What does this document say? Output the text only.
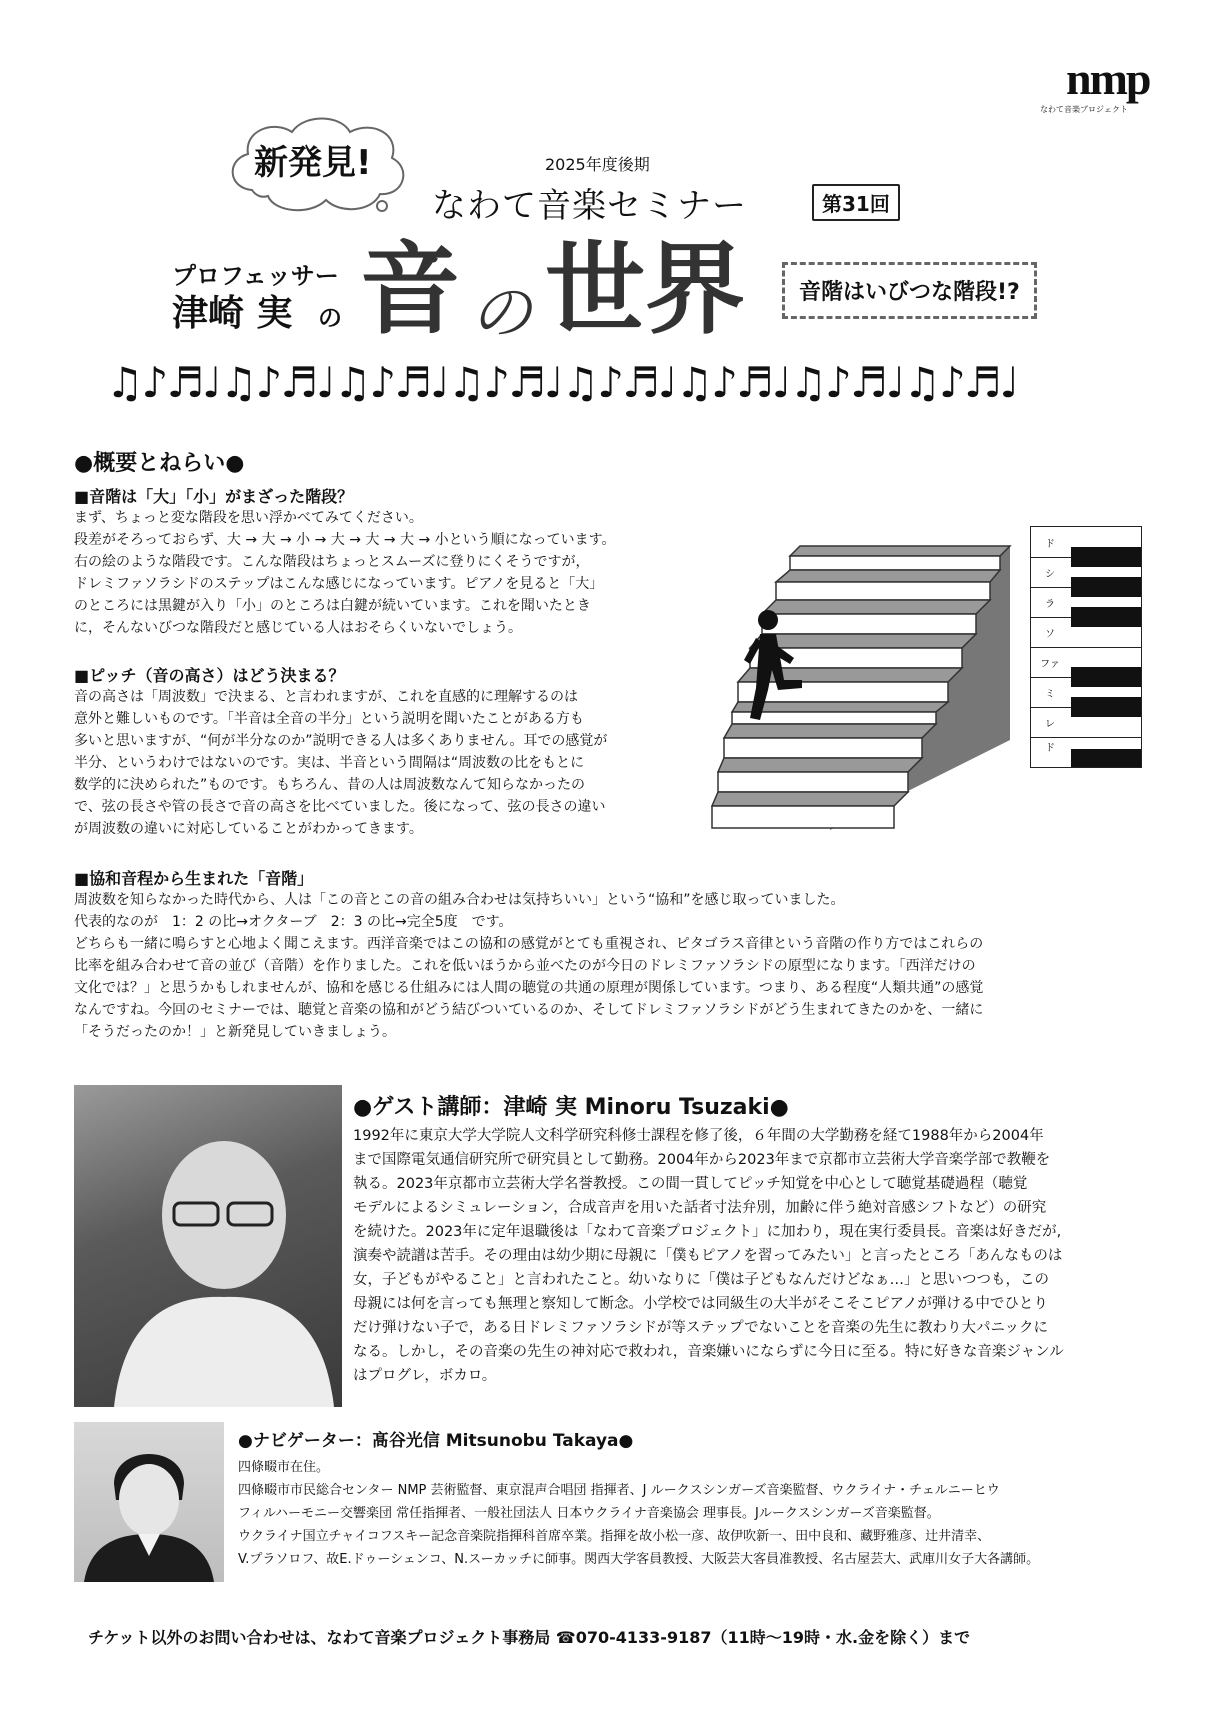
nmp
なわて音楽プロジェクト
新発見!	2025年度後期
なわて音楽セミナー	第31回
プロフェッサー
津崎 実 の 音 の 世界	音階はいびつな階段!?
♫♪♬♩♫♪♬♩♫♪♬♩♫♪♬♩♫♪♬♩♫♪♬♩♫♪♬♩♫♪♬♩
●概要とねらい●
■音階は「大」「小」がまざった階段？

まず、ちょっと変な階段を思い浮かべてみてください。

段差がそろっておらず、大 → 大 → 小 → 大 → 大 → 大 → 小という順になっています。

右の絵のような階段です。こんな階段はちょっとスムーズに登りにくそうですが，

ドレミファソラシドのステップはこんな感じになっています。ピアノを見ると「大」

のところには黒鍵が入り「小」のところは白鍵が続いています。これを聞いたとき

に，そんないびつな階段だと感じている人はおそらくいないでしょう。

■ピッチ（音の高さ）はどう決まる？

音の高さは「周波数」で決まる、と言われますが、これを直感的に理解するのは

意外と難しいものです。「半音は全音の半分」という説明を聞いたことがある方も

多いと思いますが、“何が半分なのか”説明できる人は多くありません。耳での感覚が

半分、というわけではないのです。実は、半音という間隔は“周波数の比をもとに

数学的に決められた”ものです。もちろん、昔の人は周波数なんて知らなかったの

で、弦の長さや管の長さで音の高さを比べていました。後になって、弦の長さの違い

が周波数の違いに対応していることがわかってきます。

■協和音程から生まれた「音階」

周波数を知らなかった時代から、人は「この音とこの音の組み合わせは気持ちいい」という“協和”を感じ取っていました。

代表的なのが　1：2 の比→オクターブ　2：3 の比→完全5度　です。

どちらも一緒に鳴らすと心地よく聞こえます。西洋音楽ではこの協和の感覚がとても重視され、ピタゴラス音律という音階の作り方ではこれらの

比率を組み合わせて音の並び（音階）を作りました。これを低いほうから並べたのが今日のドレミファソラシドの原型になります。「西洋だけの

文化では？」と思うかもしれませんが、協和を感じる仕組みには人間の聴覚の共通の原理が関係しています。つまり、ある程度“人類共通”の感覚

なんですね。今回のセミナーでは、聴覚と音楽の協和がどう結びついているのか、そしてドレミファソラシドがどう生まれてきたのかを、一緒に

「そうだったのか！」と新発見していきましょう。

ド
シ
ラ
ソ
ファ
ミ
レ
ド
●ゲスト講師：津崎 実 Minoru Tsuzaki●

1992年に東京大学大学院人文科学研究科修士課程を修了後，６年間の大学勤務を経て1988年から2004年

まで国際電気通信研究所で研究員として勤務。2004年から2023年まで京都市立芸術大学音楽学部で教鞭を

執る。2023年京都市立芸術大学名誉教授。この間一貫してピッチ知覚を中心として聴覚基礎過程（聴覚

モデルによるシミュレーション，合成音声を用いた話者寸法弁別，加齢に伴う絶対音感シフトなど）の研究

を続けた。2023年に定年退職後は「なわて音楽プロジェクト」に加わり，現在実行委員長。音楽は好きだが,

演奏や読譜は苦手。その理由は幼少期に母親に「僕もピアノを習ってみたい」と言ったところ「あんなものは

女，子どもがやること」と言われたこと。幼いなりに「僕は子どもなんだけどなぁ…」と思いつつも，この

母親には何を言っても無理と察知して断念。小学校では同級生の大半がそこそこピアノが弾ける中でひとり

だけ弾けない子で，ある日ドレミファソラシドが等ステップでないことを音楽の先生に教わり大パニックに

なる。しかし，その音楽の先生の神対応で救われ，音楽嫌いにならずに今日に至る。特に好きな音楽ジャンル

はプログレ，ボカロ。

●ナビゲーター：髙谷光信 Mitsunobu Takaya●

四條畷市在住。

四條畷市市民総合センター NMP 芸術監督、東京混声合唱団 指揮者、J ルークスシンガーズ音楽監督、ウクライナ・チェルニーヒウ

フィルハーモニー交響楽団 常任指揮者、一般社団法人 日本ウクライナ音楽協会 理事長。Jルークスシンガーズ音楽監督。

ウクライナ国立チャイコフスキー記念音楽院指揮科首席卒業。指揮を故小松一彦、故伊吹新一、田中良和、藏野雅彦、辻井清幸、

V.プラソロフ、故E.ドゥーシェンコ、N.スーカッチに師事。関西大学客員教授、大阪芸大客員准教授、名古屋芸大、武庫川女子大各講師。

チケット以外のお問い合わせは、なわて音楽プロジェクト事務局 ☎070-4133-9187（11時〜19時・水.金を除く）まで
